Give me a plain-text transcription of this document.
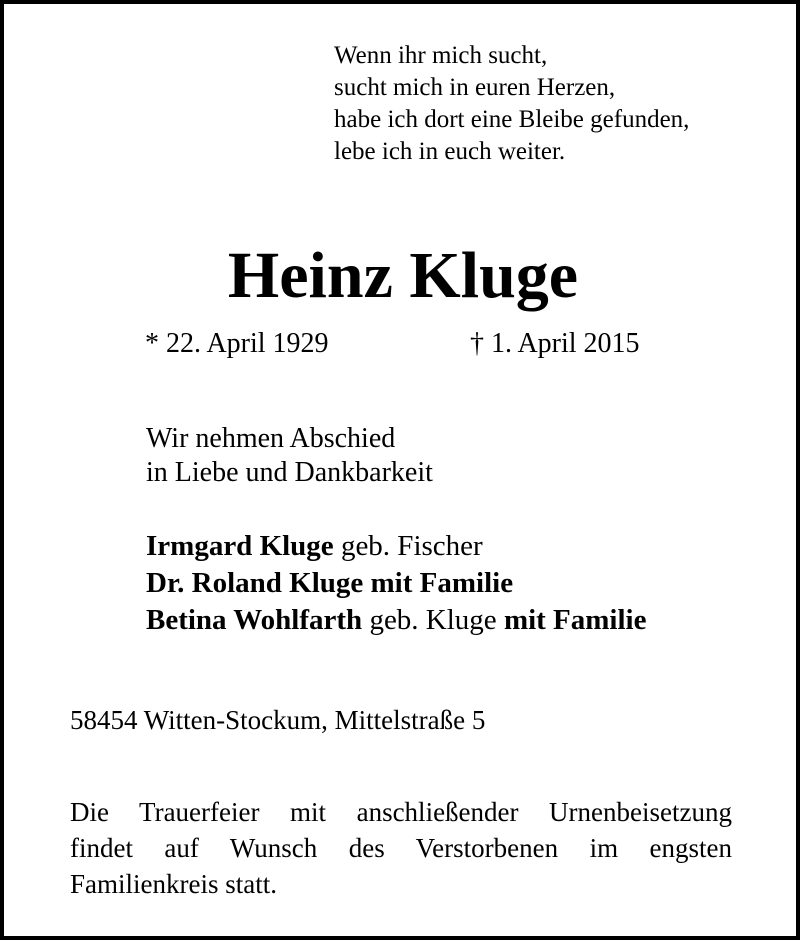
Wenn ihr mich sucht,
sucht mich in euren Herzen,
habe ich dort eine Bleibe gefunden,
lebe ich in euch weiter.
Heinz Kluge
* 22. April 1929	† 1. April 2015
Wir nehmen Abschied
in Liebe und Dankbarkeit
Irmgard Kluge geb. Fischer
Dr. Roland Kluge mit Familie
Betina Wohlfarth geb. Kluge mit Familie
58454 Witten-Stockum, Mittelstraße 5
Die Trauerfeier mit anschließender Urnenbeisetzung
findet auf Wunsch des Verstorbenen im engsten
Familienkreis statt.
